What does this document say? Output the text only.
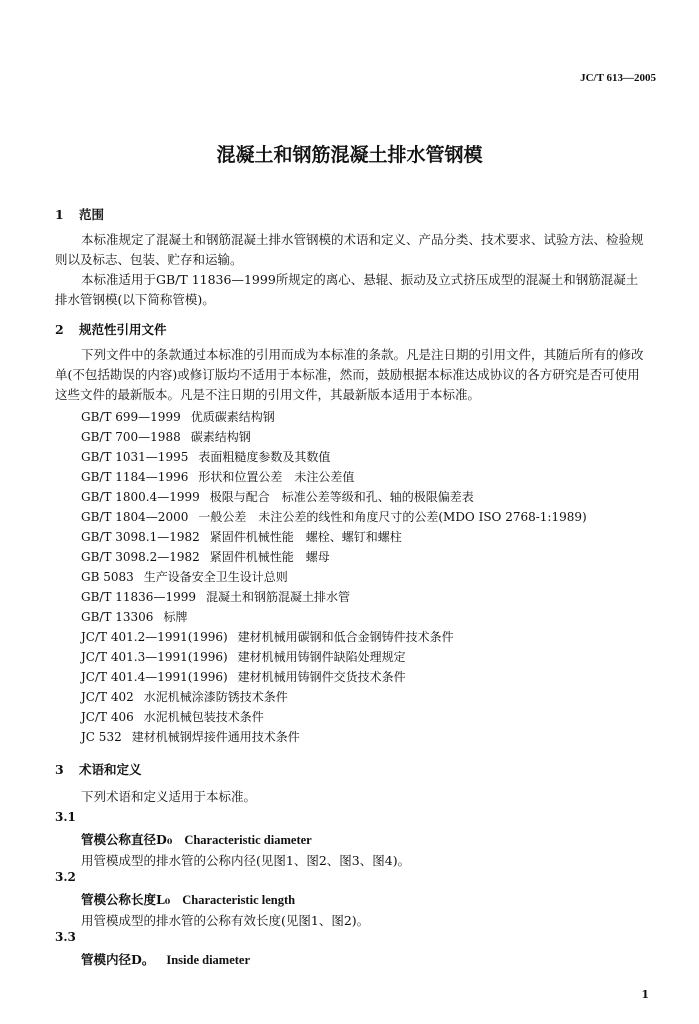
JC/T 613—2005
混凝土和钢筋混凝土排水管钢模
1 范围
本标准规定了混凝土和钢筋混凝土排水管钢模的术语和定义、产品分类、技术要求、试验方法、检验规则以及标志、包装、贮存和运输。
本标准适用于GB/T 11836—1999所规定的离心、悬辊、振动及立式挤压成型的混凝土和钢筋混凝土排水管钢模(以下简称管模)。
2 规范性引用文件
下列文件中的条款通过本标准的引用而成为本标准的条款。凡是注日期的引用文件，其随后所有的修改单(不包括勘误的内容)或修订版均不适用于本标准，然而，鼓励根据本标准达成协议的各方研究是否可使用这些文件的最新版本。凡是不注日期的引用文件，其最新版本适用于本标准。
GB/T 699—1999 优质碳素结构钢
GB/T 700—1988 碳素结构钢
GB/T 1031—1995 表面粗糙度参数及其数值
GB/T 1184—1996 形状和位置公差　未注公差值
GB/T 1800.4—1999 极限与配合　标准公差等级和孔、轴的极限偏差表
GB/T 1804—2000 一般公差　未注公差的线性和角度尺寸的公差(MDO ISO 2768-1:1989)
GB/T 3098.1—1982 紧固件机械性能　螺栓、螺钉和螺柱
GB/T 3098.2—1982 紧固件机械性能　螺母
GB 5083 生产设备安全卫生设计总则
GB/T 11836—1999 混凝土和钢筋混凝土排水管
GB/T 13306 标牌
JC/T 401.2—1991(1996) 建材机械用碳钢和低合金钢铸件技术条件
JC/T 401.3—1991(1996) 建材机械用铸钢件缺陷处理规定
JC/T 401.4—1991(1996) 建材机械用铸钢件交货技术条件
JC/T 402 水泥机械涂漆防锈技术条件
JC/T 406 水泥机械包装技术条件
JC 532 建材机械钢焊接件通用技术条件
3 术语和定义
下列术语和定义适用于本标准。
3.1
管模公称直径D₀ Characteristic diameter
用管模成型的排水管的公称内径(见图1、图2、图3、图4)。
3.2
管模公称长度L₀ Characteristic length
用管模成型的排水管的公称有效长度(见图1、图2)。
3.3
管模内径D。 Inside diameter
1
